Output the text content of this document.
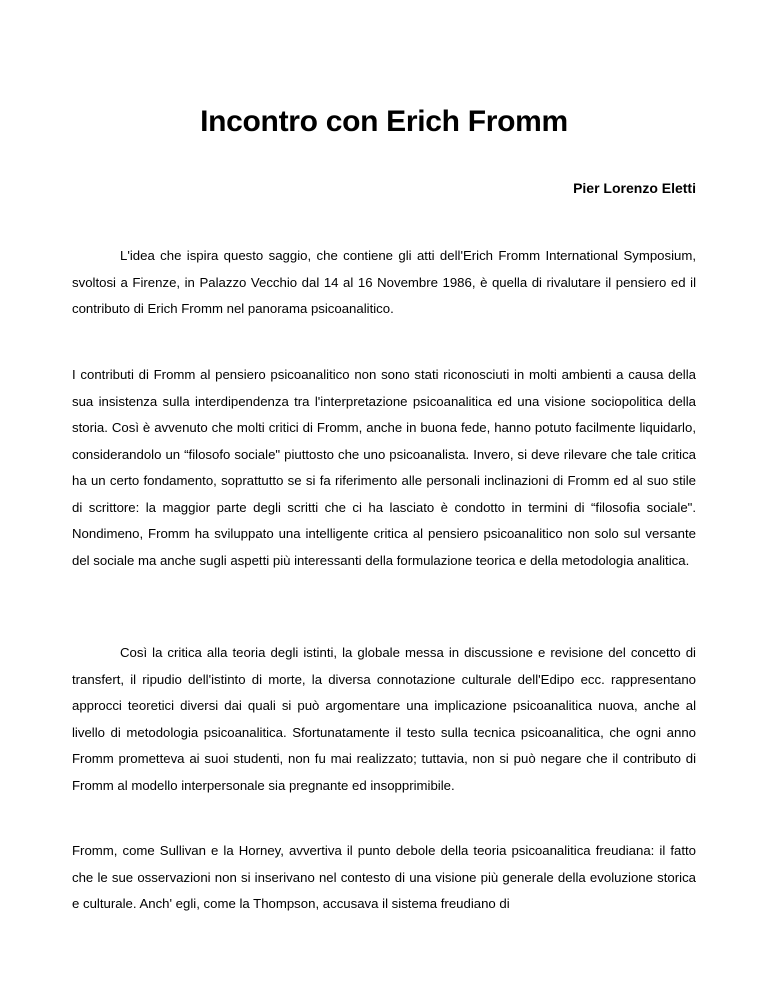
Incontro con Erich Fromm
Pier Lorenzo Eletti

L'idea che ispira questo saggio, che contiene gli atti dell'Erich Fromm International Symposium, svoltosi a Firenze, in Palazzo Vecchio dal 14 al 16 Novembre 1986, è quella di rivalutare il pensiero ed il contributo di Erich Fromm nel panorama psicoanalitico.

I contributi di Fromm al pensiero psicoanalitico non sono stati riconosciuti in molti ambienti a causa della sua insistenza sulla interdipendenza tra l'interpretazione psicoanalitica ed una visione sociopolitica della storia. Così è avvenuto che molti critici di Fromm, anche in buona fede, hanno potuto facilmente liquidarlo, considerandolo un “filosofo sociale" piuttosto che uno psicoanalista. Invero, si deve rilevare che tale critica ha un certo fondamento, soprattutto se si fa riferimento alle personali inclinazioni di Fromm ed al suo stile di scrittore: la maggior parte degli scritti che ci ha lasciato è condotto in termini di “filosofia sociale". Nondimeno, Fromm ha sviluppato una intelligente critica al pensiero psicoanalitico non solo sul versante del sociale ma anche sugli aspetti più interessanti della formulazione teorica e della metodologia analitica.

Così la critica alla teoria degli istinti, la globale messa in discussione e revisione del concetto di transfert, il ripudio dell'istinto di morte, la diversa connotazione culturale dell'Edipo ecc. rappresentano approcci teoretici diversi dai quali si può argomentare una implicazione psicoanalitica nuova, anche al livello di metodologia psicoanalitica. Sfortunatamente il testo sulla tecnica psicoanalitica, che ogni anno Fromm prometteva ai suoi studenti, non fu mai realizzato; tuttavia, non si può negare che il contributo di Fromm al modello interpersonale sia pregnante ed insopprimibile.

Fromm, come Sullivan e la Horney, avvertiva il punto debole della teoria psicoanalitica freudiana: il fatto che le sue osservazioni non si inserivano nel contesto di una visione più generale della evoluzione storica e culturale. Anch' egli, come la Thompson, accusava il sistema freudiano di
